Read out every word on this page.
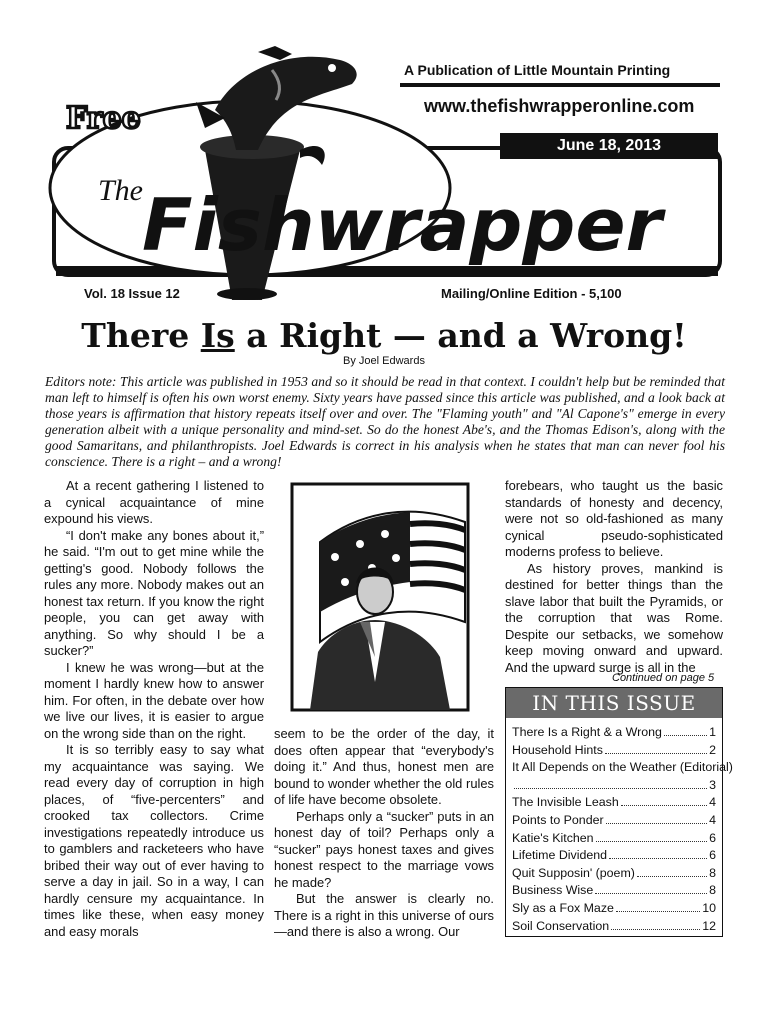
Free
The Fishwrapper
A Publication of Little Mountain Printing
www.thefishwrapperonline.com
June 18, 2013
Vol. 18 Issue 12	Mailing/Online Edition - 5,100
There Is a Right — and a Wrong!
By Joel Edwards
Editors note: This article was published in 1953 and so it should be read in that context. I couldn't help but be reminded that man left to himself is often his own worst enemy. Sixty years have passed since this article was published, and a look back at those years is affirmation that history repeats itself over and over. The "Flaming youth" and "Al Capone's" emerge in every generation albeit with a unique personality and mind-set. So do the honest Abe's, and the Thomas Edison's, along with the good Samaritans, and philanthropists. Joel Edwards is correct in his analysis when he states that man can never fool his conscience. There is a right – and a wrong!

At a recent gathering I listened to a cynical acquaintance of mine expound his views.

“I don't make any bones about it,” he said. “I'm out to get mine while the getting's good. Nobody follows the rules any more. Nobody makes out an honest tax return. If you know the right people, you can get away with anything. So why should I be a sucker?”

I knew he was wrong—but at the moment I hardly knew how to answer him. For often, in the debate over how we live our lives, it is easier to argue on the wrong side than on the right.

It is so terribly easy to say what my acquaintance was saying. We read every day of corruption in high places, of “five-percenters” and crooked tax collectors. Crime investigations repeatedly introduce us to gamblers and racketeers who have bribed their way out of ever having to serve a day in jail. So in a way, I can hardly censure my acquaintance. In times like these, when easy money and easy morals

seem to be the order of the day, it does often appear that “everybody's doing it.” And thus, honest men are bound to wonder whether the old rules of life have become obsolete.

Perhaps only a “sucker” puts in an honest day of toil? Perhaps only a “sucker” pays honest taxes and gives honest respect to the marriage vows he made?

But the answer is clearly no. There is a right in this universe of ours—and there is also a wrong. Our

forebears, who taught us the basic standards of honesty and decency, were not so old-fashioned as many cynical pseudo-sophisticated moderns profess to believe.

As history proves, mankind is destined for better things than the slave labor that built the Pyramids, or the corruption that was Rome. Despite our setbacks, we somehow keep moving onward and upward. And the upward surge is all in the

Continued on page 5
IN THIS ISSUE
There Is a Right & a Wrong	1
Household Hints	2
It All Depends on the Weather (Editorial)
3
The Invisible Leash	4
Points to Ponder	4
Katie's Kitchen	6
Lifetime Dividend	6
Quit Supposin' (poem)	8
Business Wise	8
Sly as a Fox Maze	10
Soil Conservation	12
